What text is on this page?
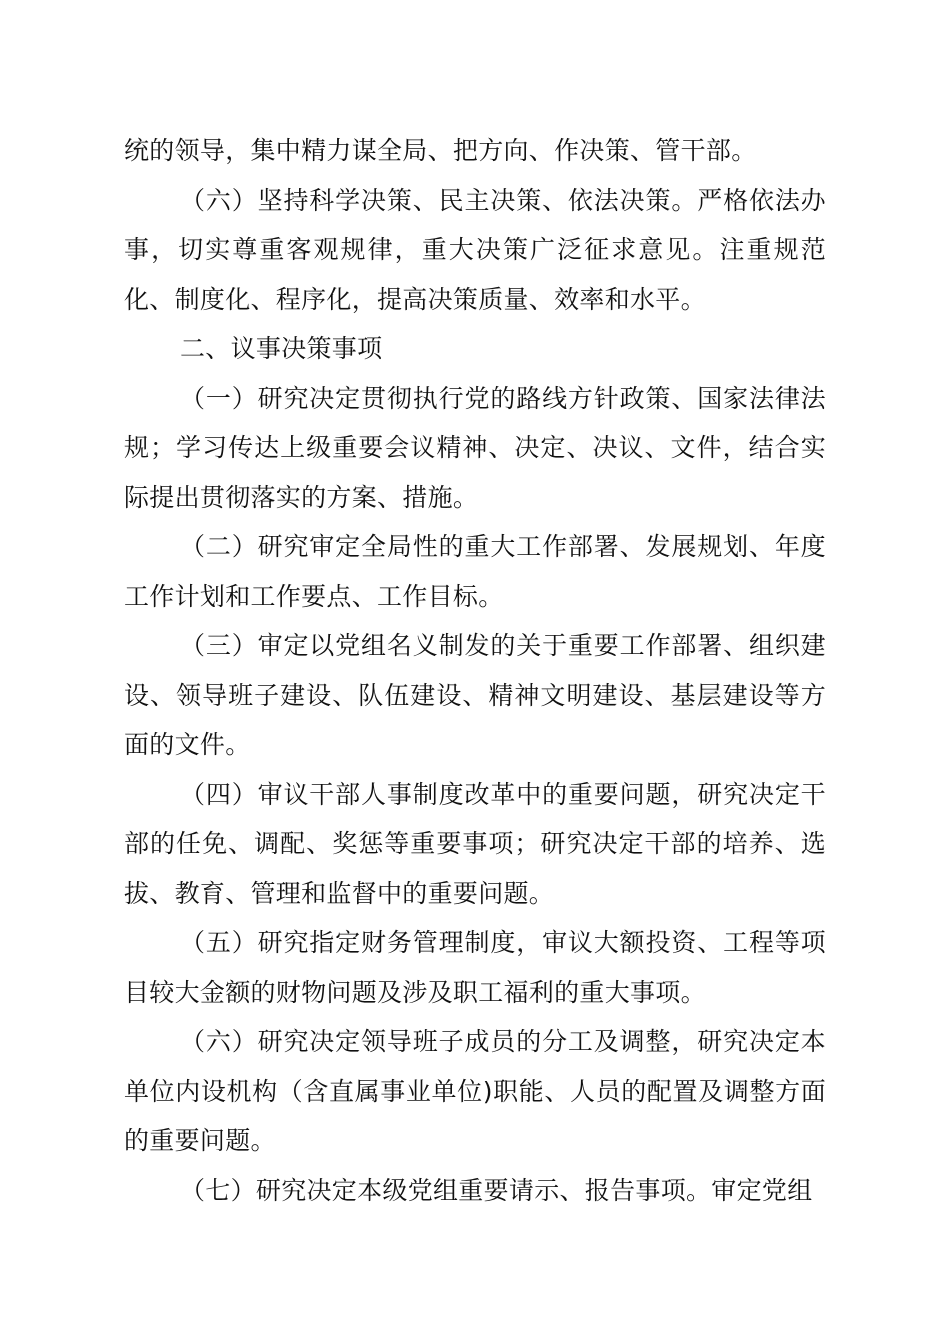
统的领导，集中精力谋全局、把方向、作决策、管干部。

（六）坚持科学决策、民主决策、依法决策。严格依法办事，切实尊重客观规律，重大决策广泛征求意见。注重规范化、制度化、程序化，提高决策质量、效率和水平。

二、议事决策事项

（一）研究决定贯彻执行党的路线方针政策、国家法律法规；学习传达上级重要会议精神、决定、决议、文件，结合实际提出贯彻落实的方案、措施。

（二）研究审定全局性的重大工作部署、发展规划、年度工作计划和工作要点、工作目标。

（三）审定以党组名义制发的关于重要工作部署、组织建设、领导班子建设、队伍建设、精神文明建设、基层建设等方面的文件。

（四）审议干部人事制度改革中的重要问题，研究决定干部的任免、调配、奖惩等重要事项；研究决定干部的培养、选拔、教育、管理和监督中的重要问题。

（五）研究指定财务管理制度，审议大额投资、工程等项目较大金额的财物问题及涉及职工福利的重大事项。

（六）研究决定领导班子成员的分工及调整，研究决定本单位内设机构（含直属事业单位)职能、人员的配置及调整方面的重要问题。

（七）研究决定本级党组重要请示、报告事项。审定党组
